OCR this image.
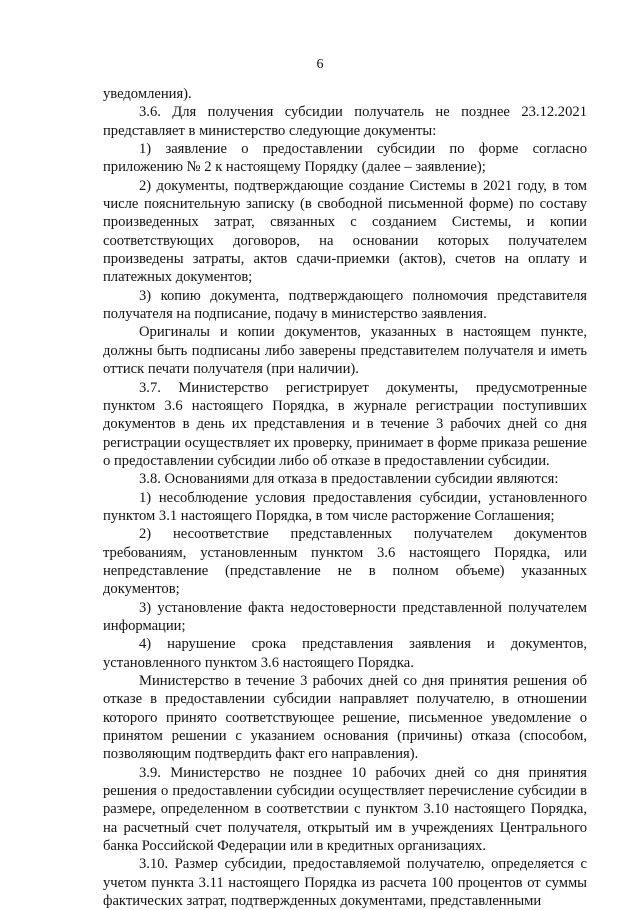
6

уведомления).

3.6. Для получения субсидии получатель не позднее 23.12.2021 представляет в министерство следующие документы:

1) заявление о предоставлении субсидии по форме согласно приложению № 2 к настоящему Порядку (далее – заявление);

2) документы, подтверждающие создание Системы в 2021 году, в том числе пояснительную записку (в свободной письменной форме) по составу произведенных затрат, связанных с созданием Системы, и копии соответствующих договоров, на основании которых получателем произведены затраты, актов сдачи-приемки (актов), счетов на оплату и платежных документов;

3) копию документа, подтверждающего полномочия представителя получателя на подписание, подачу в министерство заявления.

Оригиналы и копии документов, указанных в настоящем пункте, должны быть подписаны либо заверены представителем получателя и иметь оттиск печати получателя (при наличии).

3.7. Министерство регистрирует документы, предусмотренные пунктом 3.6 настоящего Порядка, в журнале регистрации поступивших документов в день их представления и в течение 3 рабочих дней со дня регистрации осуществляет их проверку, принимает в форме приказа решение о предоставлении субсидии либо об отказе в предоставлении субсидии.

3.8. Основаниями для отказа в предоставлении субсидии являются:

1) несоблюдение условия предоставления субсидии, установленного пунктом 3.1 настоящего Порядка, в том числе расторжение Соглашения;

2) несоответствие представленных получателем документов требованиям, установленным пунктом 3.6 настоящего Порядка, или непредставление (представление не в полном объеме) указанных документов;

3) установление факта недостоверности представленной получателем информации;

4) нарушение срока представления заявления и документов, установленного пунктом 3.6 настоящего Порядка.

Министерство в течение 3 рабочих дней со дня принятия решения об отказе в предоставлении субсидии направляет получателю, в отношении которого принято соответствующее решение, письменное уведомление о принятом решении с указанием основания (причины) отказа (способом, позволяющим подтвердить факт его направления).

3.9. Министерство не позднее 10 рабочих дней со дня принятия решения о предоставлении субсидии осуществляет перечисление субсидии в размере, определенном в соответствии с пунктом 3.10 настоящего Порядка, на расчетный счет получателя, открытый им в учреждениях Центрального банка Российской Федерации или в кредитных организациях.

3.10. Размер субсидии, предоставляемой получателю, определяется с учетом пункта 3.11 настоящего Порядка из расчета 100 процентов от суммы фактических затрат, подтвержденных документами, представленными
